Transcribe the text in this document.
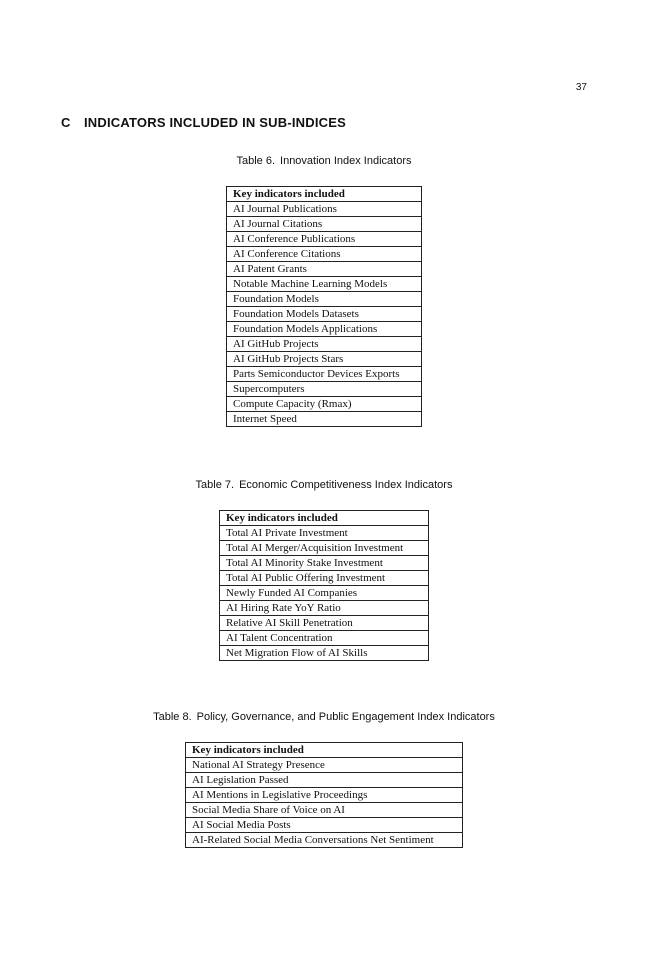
37
C INDICATORS INCLUDED IN SUB-INDICES
Table 6. Innovation Index Indicators
Key indicators included
AI Journal Publications
AI Journal Citations
AI Conference Publications
AI Conference Citations
AI Patent Grants
Notable Machine Learning Models
Foundation Models
Foundation Models Datasets
Foundation Models Applications
AI GitHub Projects
AI GitHub Projects Stars
Parts Semiconductor Devices Exports
Supercomputers
Compute Capacity (Rmax)
Internet Speed
Table 7. Economic Competitiveness Index Indicators
Key indicators included
Total AI Private Investment
Total AI Merger/Acquisition Investment
Total AI Minority Stake Investment
Total AI Public Offering Investment
Newly Funded AI Companies
AI Hiring Rate YoY Ratio
Relative AI Skill Penetration
AI Talent Concentration
Net Migration Flow of AI Skills
Table 8. Policy, Governance, and Public Engagement Index Indicators
Key indicators included
National AI Strategy Presence
AI Legislation Passed
AI Mentions in Legislative Proceedings
Social Media Share of Voice on AI
AI Social Media Posts
AI-Related Social Media Conversations Net Sentiment
